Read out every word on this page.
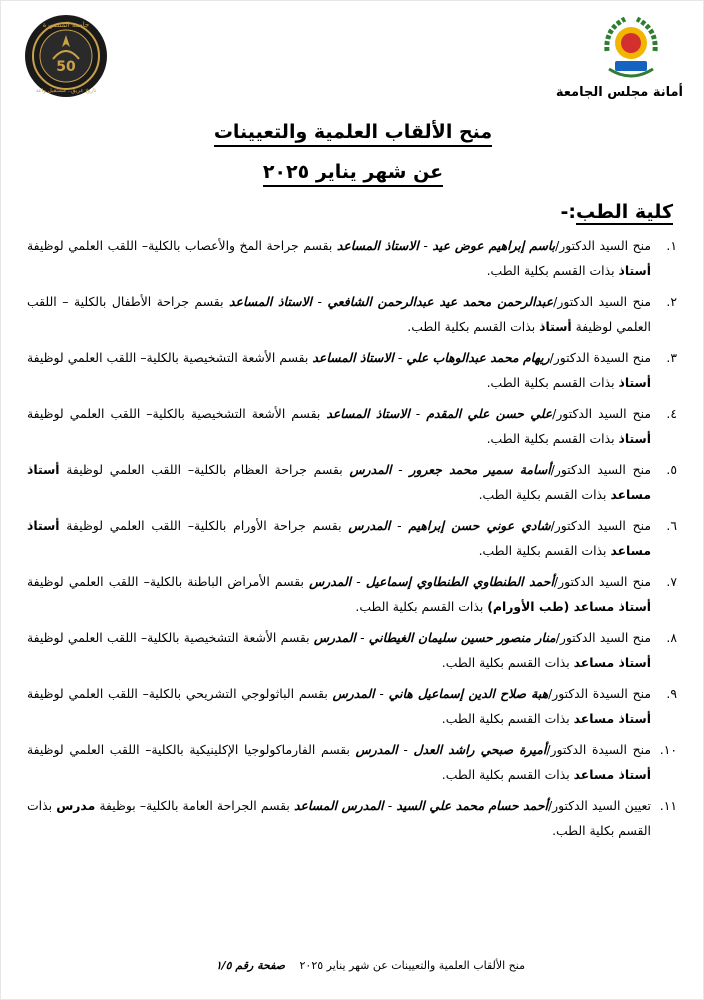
50
جامعة المنصورة
تاريخ عريق.. مستقبل واعد	أمانة مجلس الجامعة
منح الألقاب العلمية والتعيينات
عن شهر يناير ٢٠٢٥
كلية الطب:-
١.
منح السيد الدكتور/باسم إبراهيم عوض عيد - الاستاذ المساعد بقسم جراحة المخ والأعصاب بالكلية– اللقب العلمي لوظيفة أستاذ بذات القسم بكلية الطب.
٢.
منح السيد الدكتور/عبدالرحمن محمد عيد عبدالرحمن الشافعي - الاستاذ المساعد بقسم جراحة الأطفال بالكلية – اللقب العلمي لوظيفة أستاذ بذات القسم بكلية الطب.
٣.
منح السيدة الدكتور/ريهام محمد عبدالوهاب علي - الاستاذ المساعد بقسم الأشعة التشخيصية بالكلية– اللقب العلمي لوظيفة أستاذ بذات القسم بكلية الطب.
٤.
منح السيد الدكتور/علي حسن علي المقدم - الاستاذ المساعد بقسم الأشعة التشخيصية بالكلية– اللقب العلمي لوظيفة أستاذ بذات القسم بكلية الطب.
٥.
منح السيد الدكتور/أسامة سمير محمد جعرور - المدرس بقسم جراحة العظام بالكلية– اللقب العلمي لوظيفة أستاذ مساعد بذات القسم بكلية الطب.
٦.
منح السيد الدكتور/شادي عوني حسن إبراهيم - المدرس بقسم جراحة الأورام بالكلية– اللقب العلمي لوظيفة أستاذ مساعد بذات القسم بكلية الطب.
٧.
منح السيد الدكتور/أحمد الطنطاوي الطنطاوي إسماعيل - المدرس بقسم الأمراض الباطنة بالكلية– اللقب العلمي لوظيفة أستاذ مساعد (طب الأورام) بذات القسم بكلية الطب.
٨.
منح السيد الدكتور/منار منصور حسين سليمان الغيطاني - المدرس بقسم الأشعة التشخيصية بالكلية– اللقب العلمي لوظيفة أستاذ مساعد بذات القسم بكلية الطب.
٩.
منح السيدة الدكتور/هبة صلاح الدين إسماعيل هاني - المدرس بقسم الباثولوجي التشريحي بالكلية– اللقب العلمي لوظيفة أستاذ مساعد بذات القسم بكلية الطب.
١٠.
منح السيدة الدكتور/أميرة صبحي راشد العدل - المدرس بقسم الفارماكولوجيا الإكلينيكية بالكلية– اللقب العلمي لوظيفة أستاذ مساعد بذات القسم بكلية الطب.
١١.
تعيين السيد الدكتور/أحمد حسام محمد علي السيد - المدرس المساعد بقسم الجراحة العامة بالكلية– بوظيفة مدرس بذات القسم بكلية الطب.
منح الألقاب العلمية والتعيينات عن شهر يناير ٢٠٢٥
صفحة رقم ١/٥
